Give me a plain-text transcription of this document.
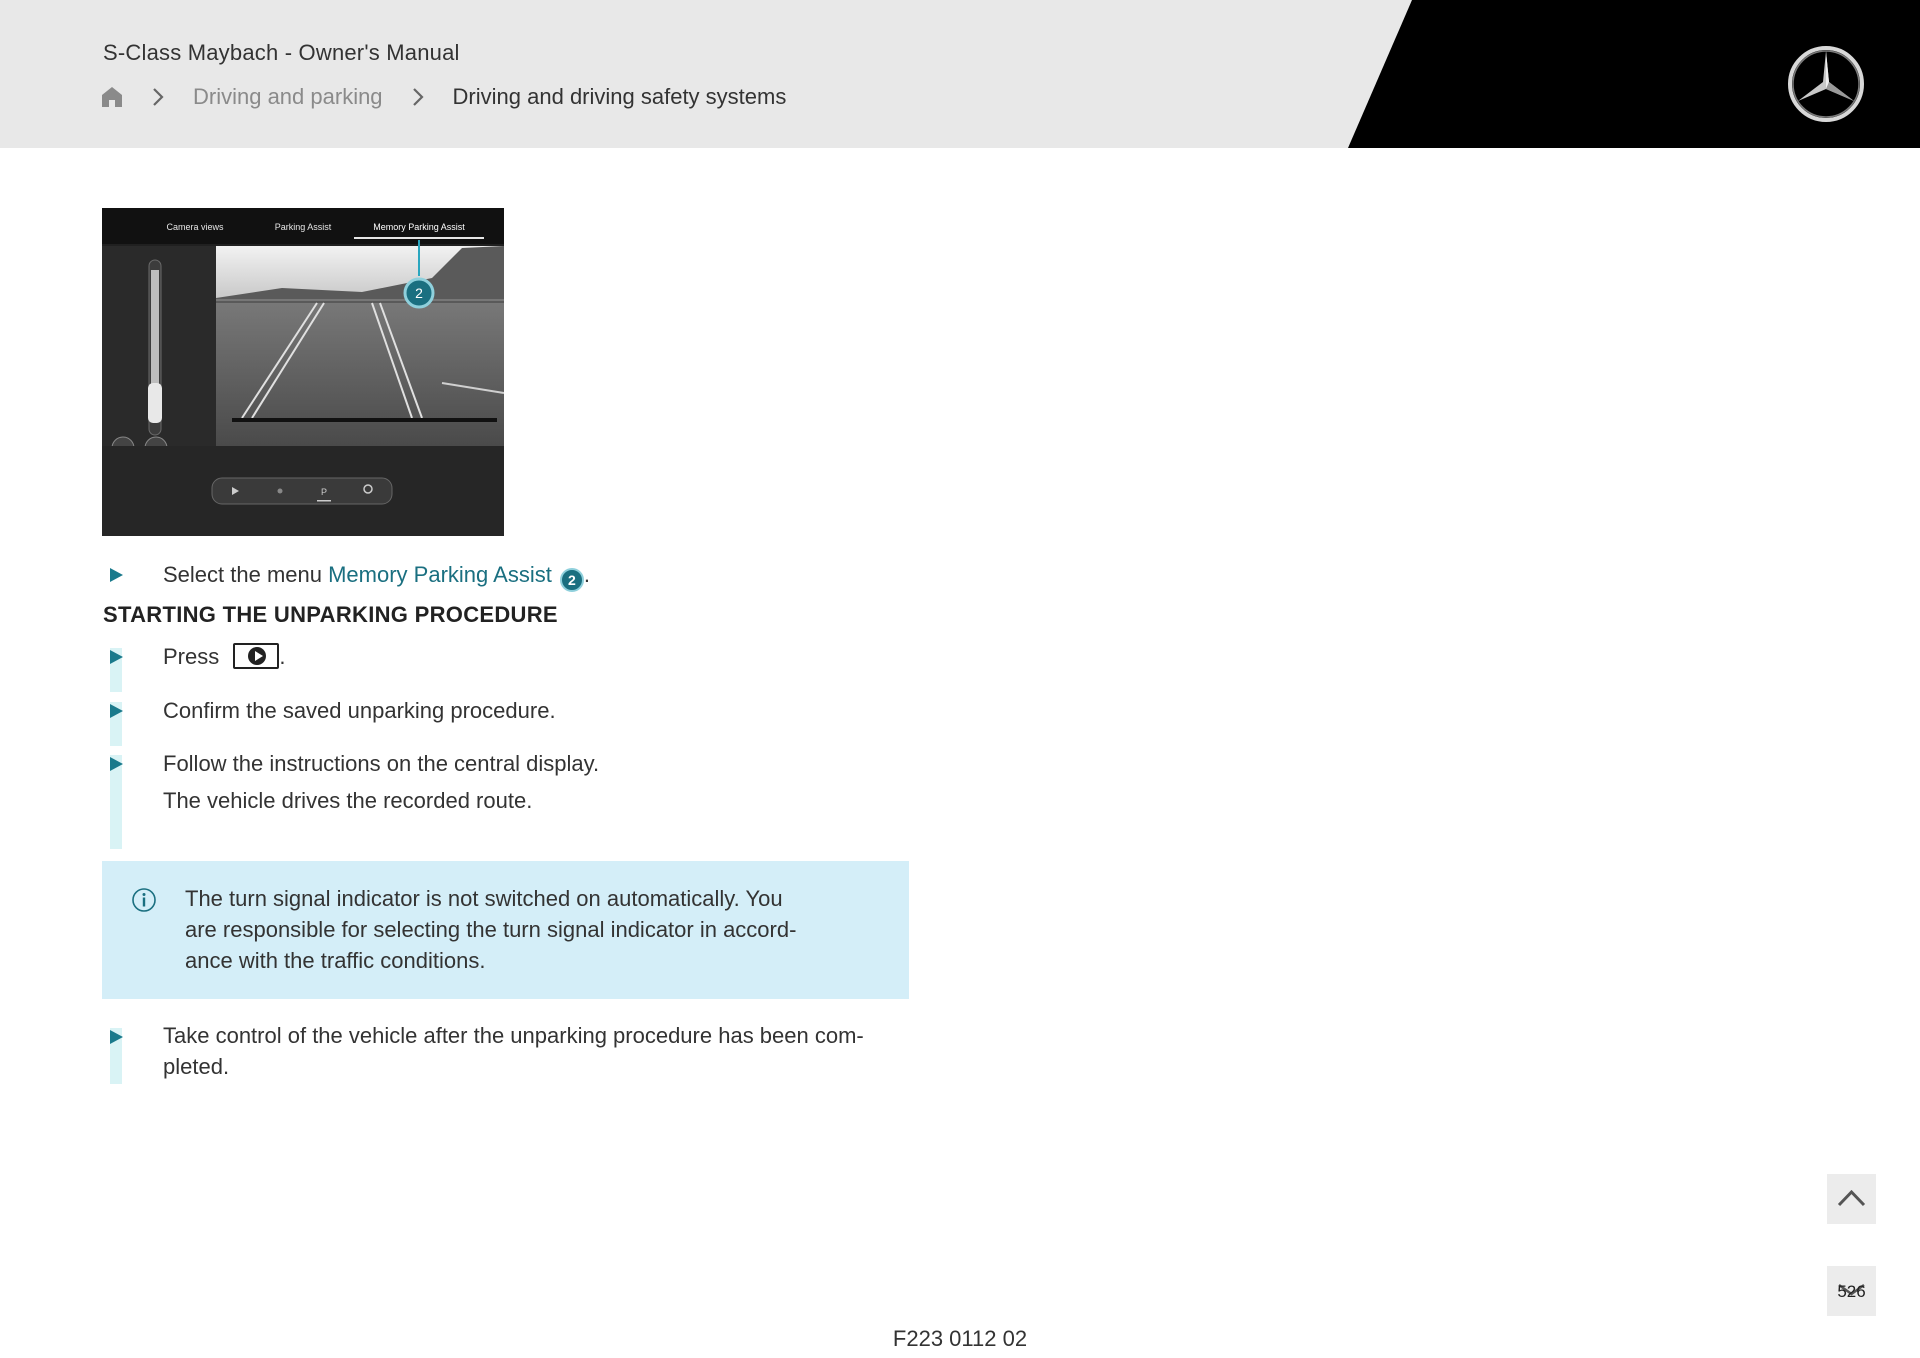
S-Class Maybach - Owner's Manual
Driving and parking	Driving and driving safety systems
Camera views	Parking Assist	Memory Parking Assist
2
P
Select the menu Memory Parking Assist 2 .
STARTING THE UNPARKING PROCEDURE
Press
.
Confirm the saved unparking procedure.
Follow the instructions on the central display.
The vehicle drives the recorded route.
The turn signal indicator is not switched on automatically. You
are responsible for selecting the turn signal indicator in accord-
ance with the traffic conditions.
Take control of the vehicle after the unparking procedure has been com-
pleted.
526
F223 0112 02
